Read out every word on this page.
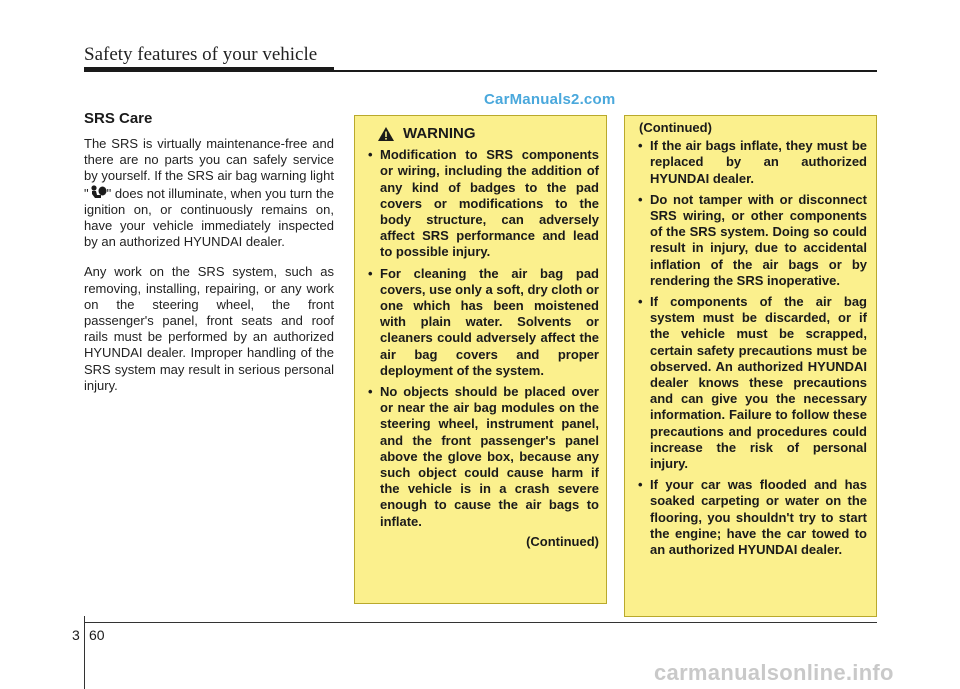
Safety features of your vehicle
CarManuals2.com
SRS Care

The SRS is virtually maintenance-free and there are no parts you can safely service by yourself. If the SRS air bag warning light " " does not illuminate, when you turn the ignition on, or continuously remains on, have your vehicle immediately inspected by an authorized HYUNDAI dealer.

Any work on the SRS system, such as removing, installing, repairing, or any work on the steering wheel, the front passenger's panel, front seats and roof rails must be performed by an authorized HYUNDAI dealer. Improper handling of the SRS system may result in serious personal injury.

WARNING
• Modification to SRS components or wiring, including the addition of any kind of badges to the pad covers or modifications to the body structure, can adversely affect SRS performance and lead to possible injury.
• For cleaning the air bag pad covers, use only a soft, dry cloth or one which has been moistened with plain water. Solvents or cleaners could adversely affect the air bag covers and proper deployment of the system.
• No objects should be placed over or near the air bag modules on the steering wheel, instrument panel, and the front passenger's panel above the glove box, because any such object could cause harm if the vehicle is in a crash severe enough to cause the air bags to inflate.
(Continued)
(Continued)
• If the air bags inflate, they must be replaced by an authorized HYUNDAI dealer.
• Do not tamper with or disconnect SRS wiring, or other components of the SRS system. Doing so could result in injury, due to accidental inflation of the air bags or by rendering the SRS inoperative.
• If components of the air bag system must be discarded, or if the vehicle must be scrapped, certain safety precautions must be observed. An authorized HYUNDAI dealer knows these precautions and can give you the necessary information. Failure to follow these precautions and procedures could increase the risk of personal injury.
• If your car was flooded and has soaked carpeting or water on the flooring, you shouldn't try to start the engine; have the car towed to an authorized HYUNDAI dealer.
3 60
carmanualsonline.info
